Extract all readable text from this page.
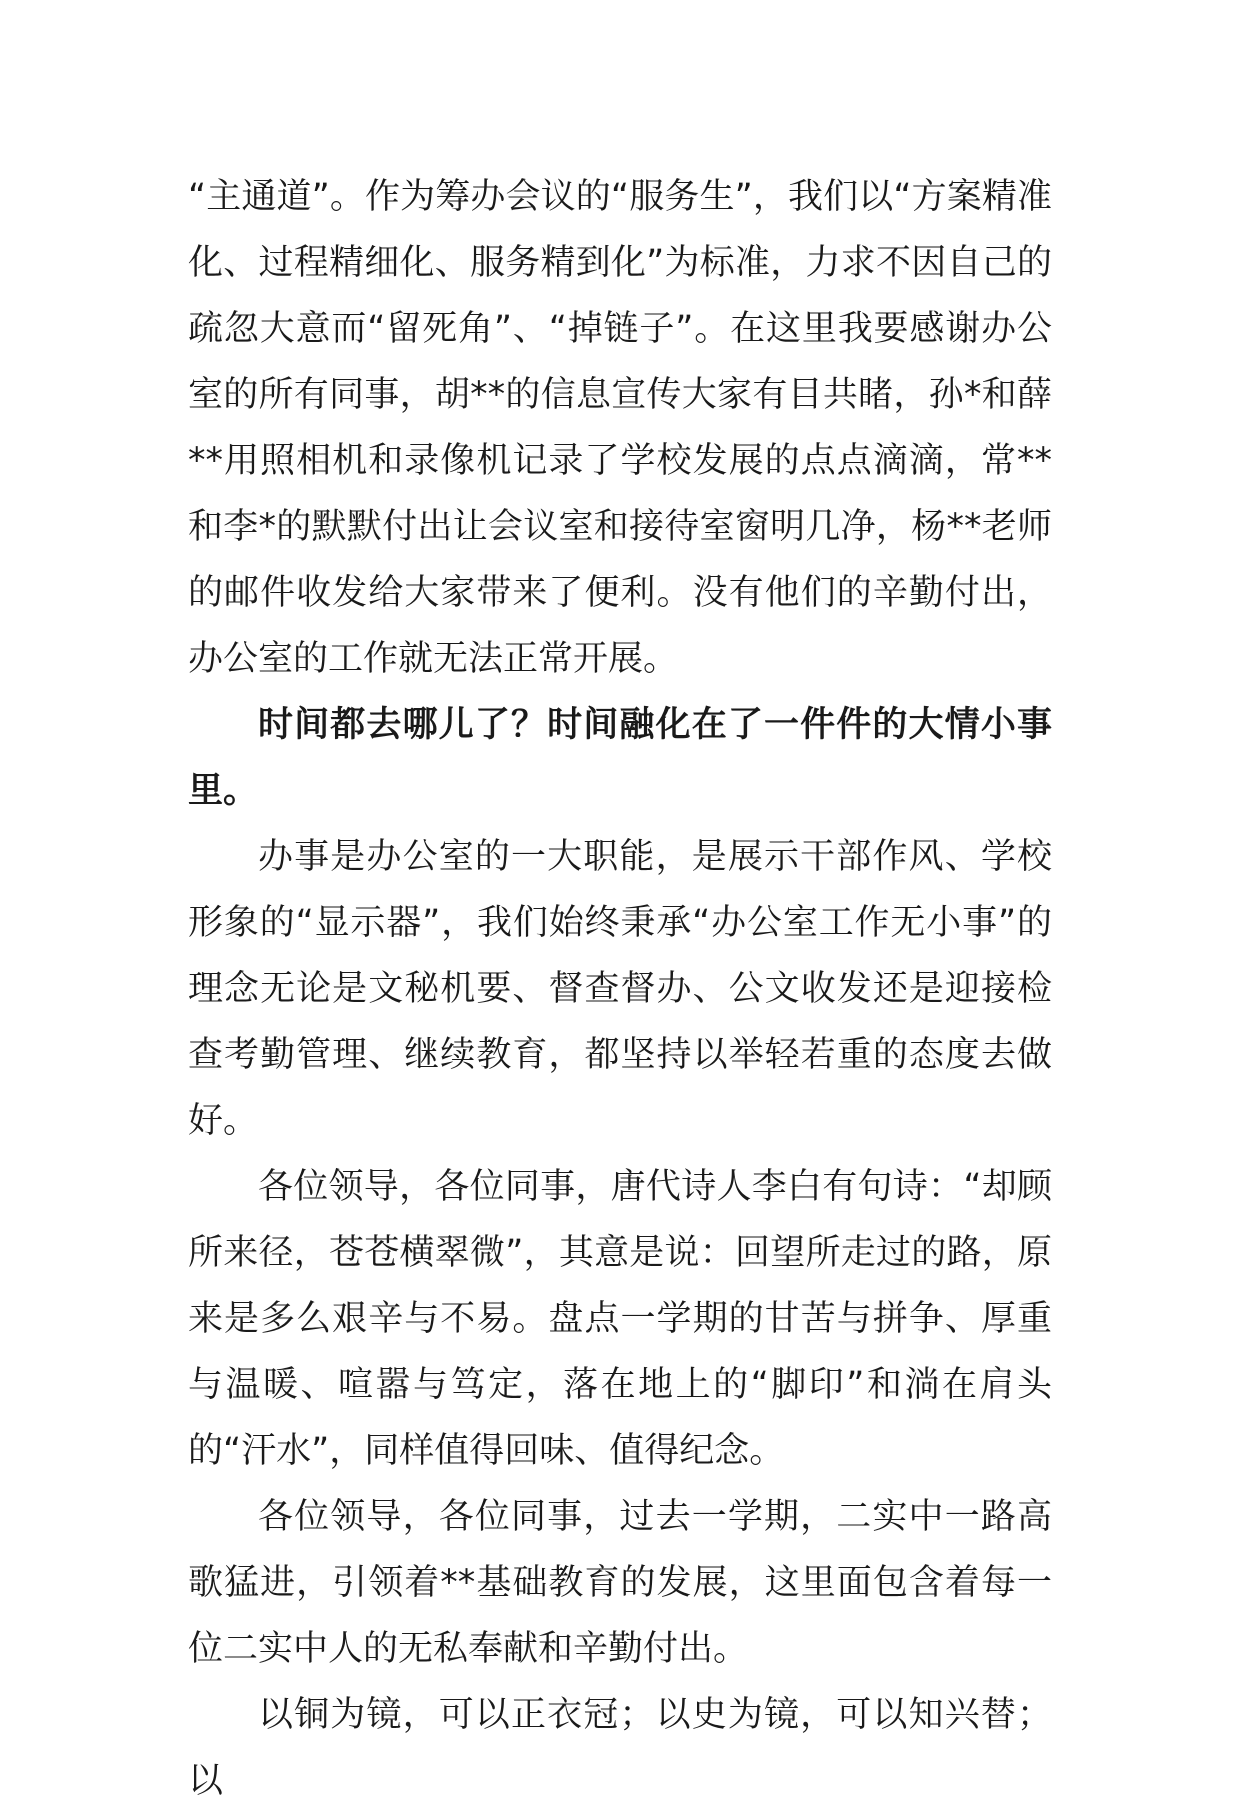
“主通道”。作为筹办会议的“服务生”，我们以“方案精准化、过程精细化、服务精到化”为标准，力求不因自己的疏忽大意而“留死角”、“掉链子”。在这里我要感谢办公室的所有同事，胡**的信息宣传大家有目共睹，孙*和薛**用照相机和录像机记录了学校发展的点点滴滴，常**和李*的默默付出让会议室和接待室窗明几净，杨**老师的邮件收发给大家带来了便利。没有他们的辛勤付出，办公室的工作就无法正常开展。

时间都去哪儿了？时间融化在了一件件的大情小事里。

办事是办公室的一大职能，是展示干部作风、学校形象的“显示器”，我们始终秉承“办公室工作无小事”的理念无论是文秘机要、督查督办、公文收发还是迎接检查考勤管理、继续教育，都坚持以举轻若重的态度去做好。

各位领导，各位同事，唐代诗人李白有句诗：“却顾所来径，苍苍横翠微”，其意是说：回望所走过的路，原来是多么艰辛与不易。盘点一学期的甘苦与拼争、厚重与温暖、喧嚣与笃定，落在地上的“脚印”和淌在肩头的“汗水”，同样值得回味、值得纪念。

各位领导，各位同事，过去一学期，二实中一路高歌猛进，引领着**基础教育的发展，这里面包含着每一位二实中人的无私奉献和辛勤付出。

以铜为镜，可以正衣冠；以史为镜，可以知兴替；以
